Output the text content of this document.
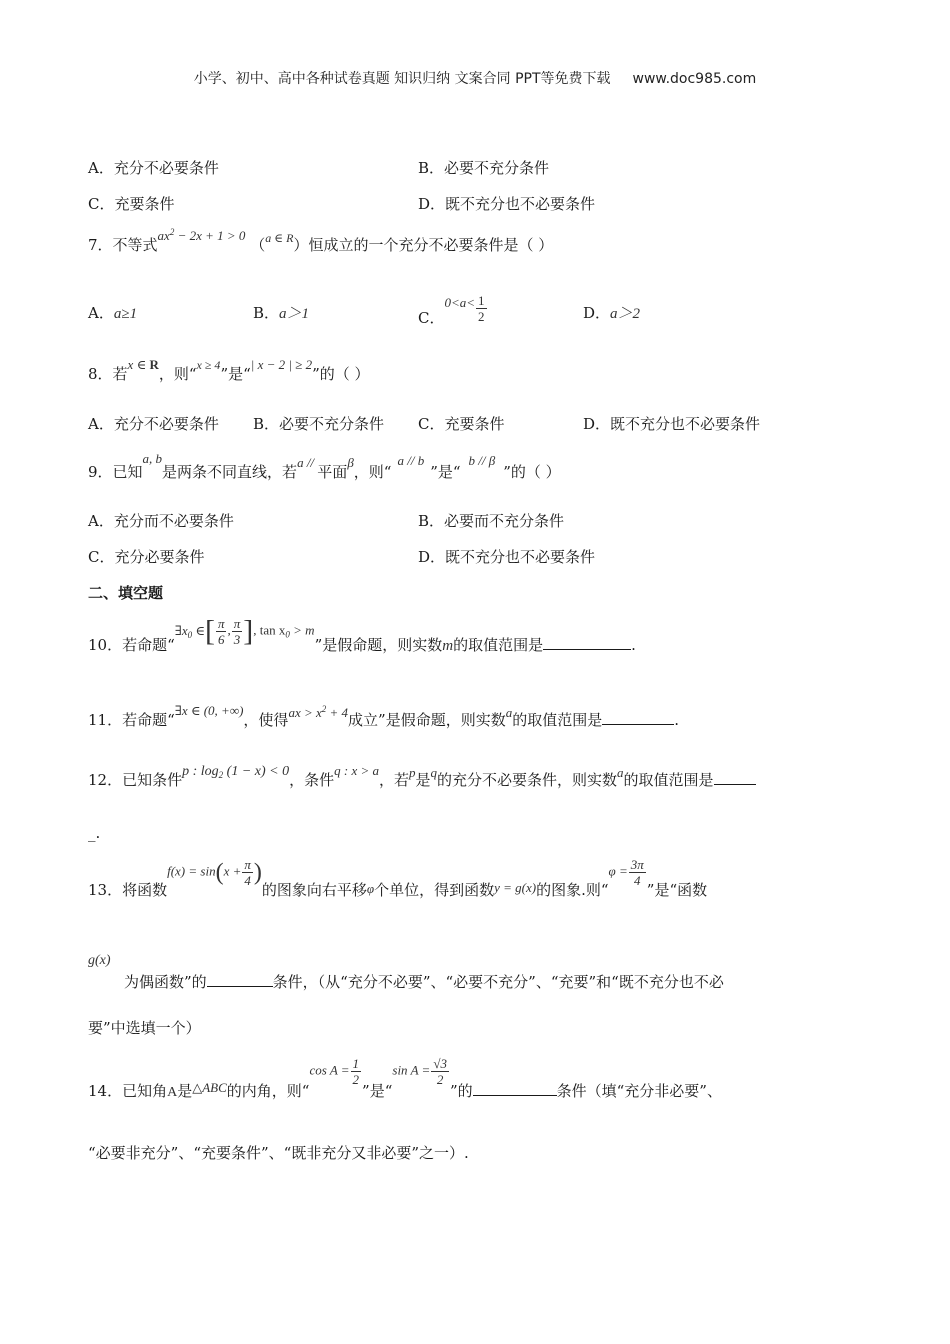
小学、初中、高中各种试卷真题 知识归纳 文案合同 PPT等免费下载 www.doc985.com
A．充分不必要条件	B．必要不充分条件
C．充要条件	D．既不充分也不必要条件
7．不等式$ax^2 - 2x + 1 > 0$ （$^{a \in R}$）恒成立的一个充分不必要条件是（ ）
A．a≥1	B．a＞1	C．$0<a< \frac{1}{2}$	D．a＞2
8．若x ∈ R，则“$^{x \ge 4}$”是“| x − 2 | ≥ 2”的（ ）
A．充分不必要条件 B．必要不充分条件 C．充要条件	D．既不充分也不必要条件
9．已知a, b是两条不同直线，若a // 平面β，则“a // b”是“b // β”的（ ）
A．充分而不必要条件	B．必要而不充分条件
C．充分必要条件	D．既不充分也不必要条件
二、填空题
10．若命题“$\exists x_0$ ∈[ $\frac{\pi}{6}$ , $\frac{\pi}{3}$ ], $\tan x_0 > m$”是假命题，则实数m的取值范围是	.
11．若命题“∃x ∈ (0, +∞)，使得ax > $x^2 + 4$成立”是假命题，则实数a的取值范围是	.
12．已知条件p : $\log_2 (1 - x) < 0$，条件q : x > a，若p是q的充分不必要条件，则实数a的取值范围是
_.
13．将函数$f(x) = \sin(x + \frac{\pi}{4}$ )的图象向右平移φ个单位，得到函数y = g(x)的图象.则“$\varphi = \frac{3\pi}{4}$
”是“函数
g(x)
为偶函数”的	条件，（从“充分不必要”、“必要不充分”、“充要”和“既不充分也不必
要”中选填一个）
14．已知角A是△ABC的内角，则“cos $A = \frac{1}{2}$
”是“sin $A = \frac{√3}{2}$
”的	条件（填“充分非必要”、
“必要非充分”、“充要条件”、“既非充分又非必要”之一）.
